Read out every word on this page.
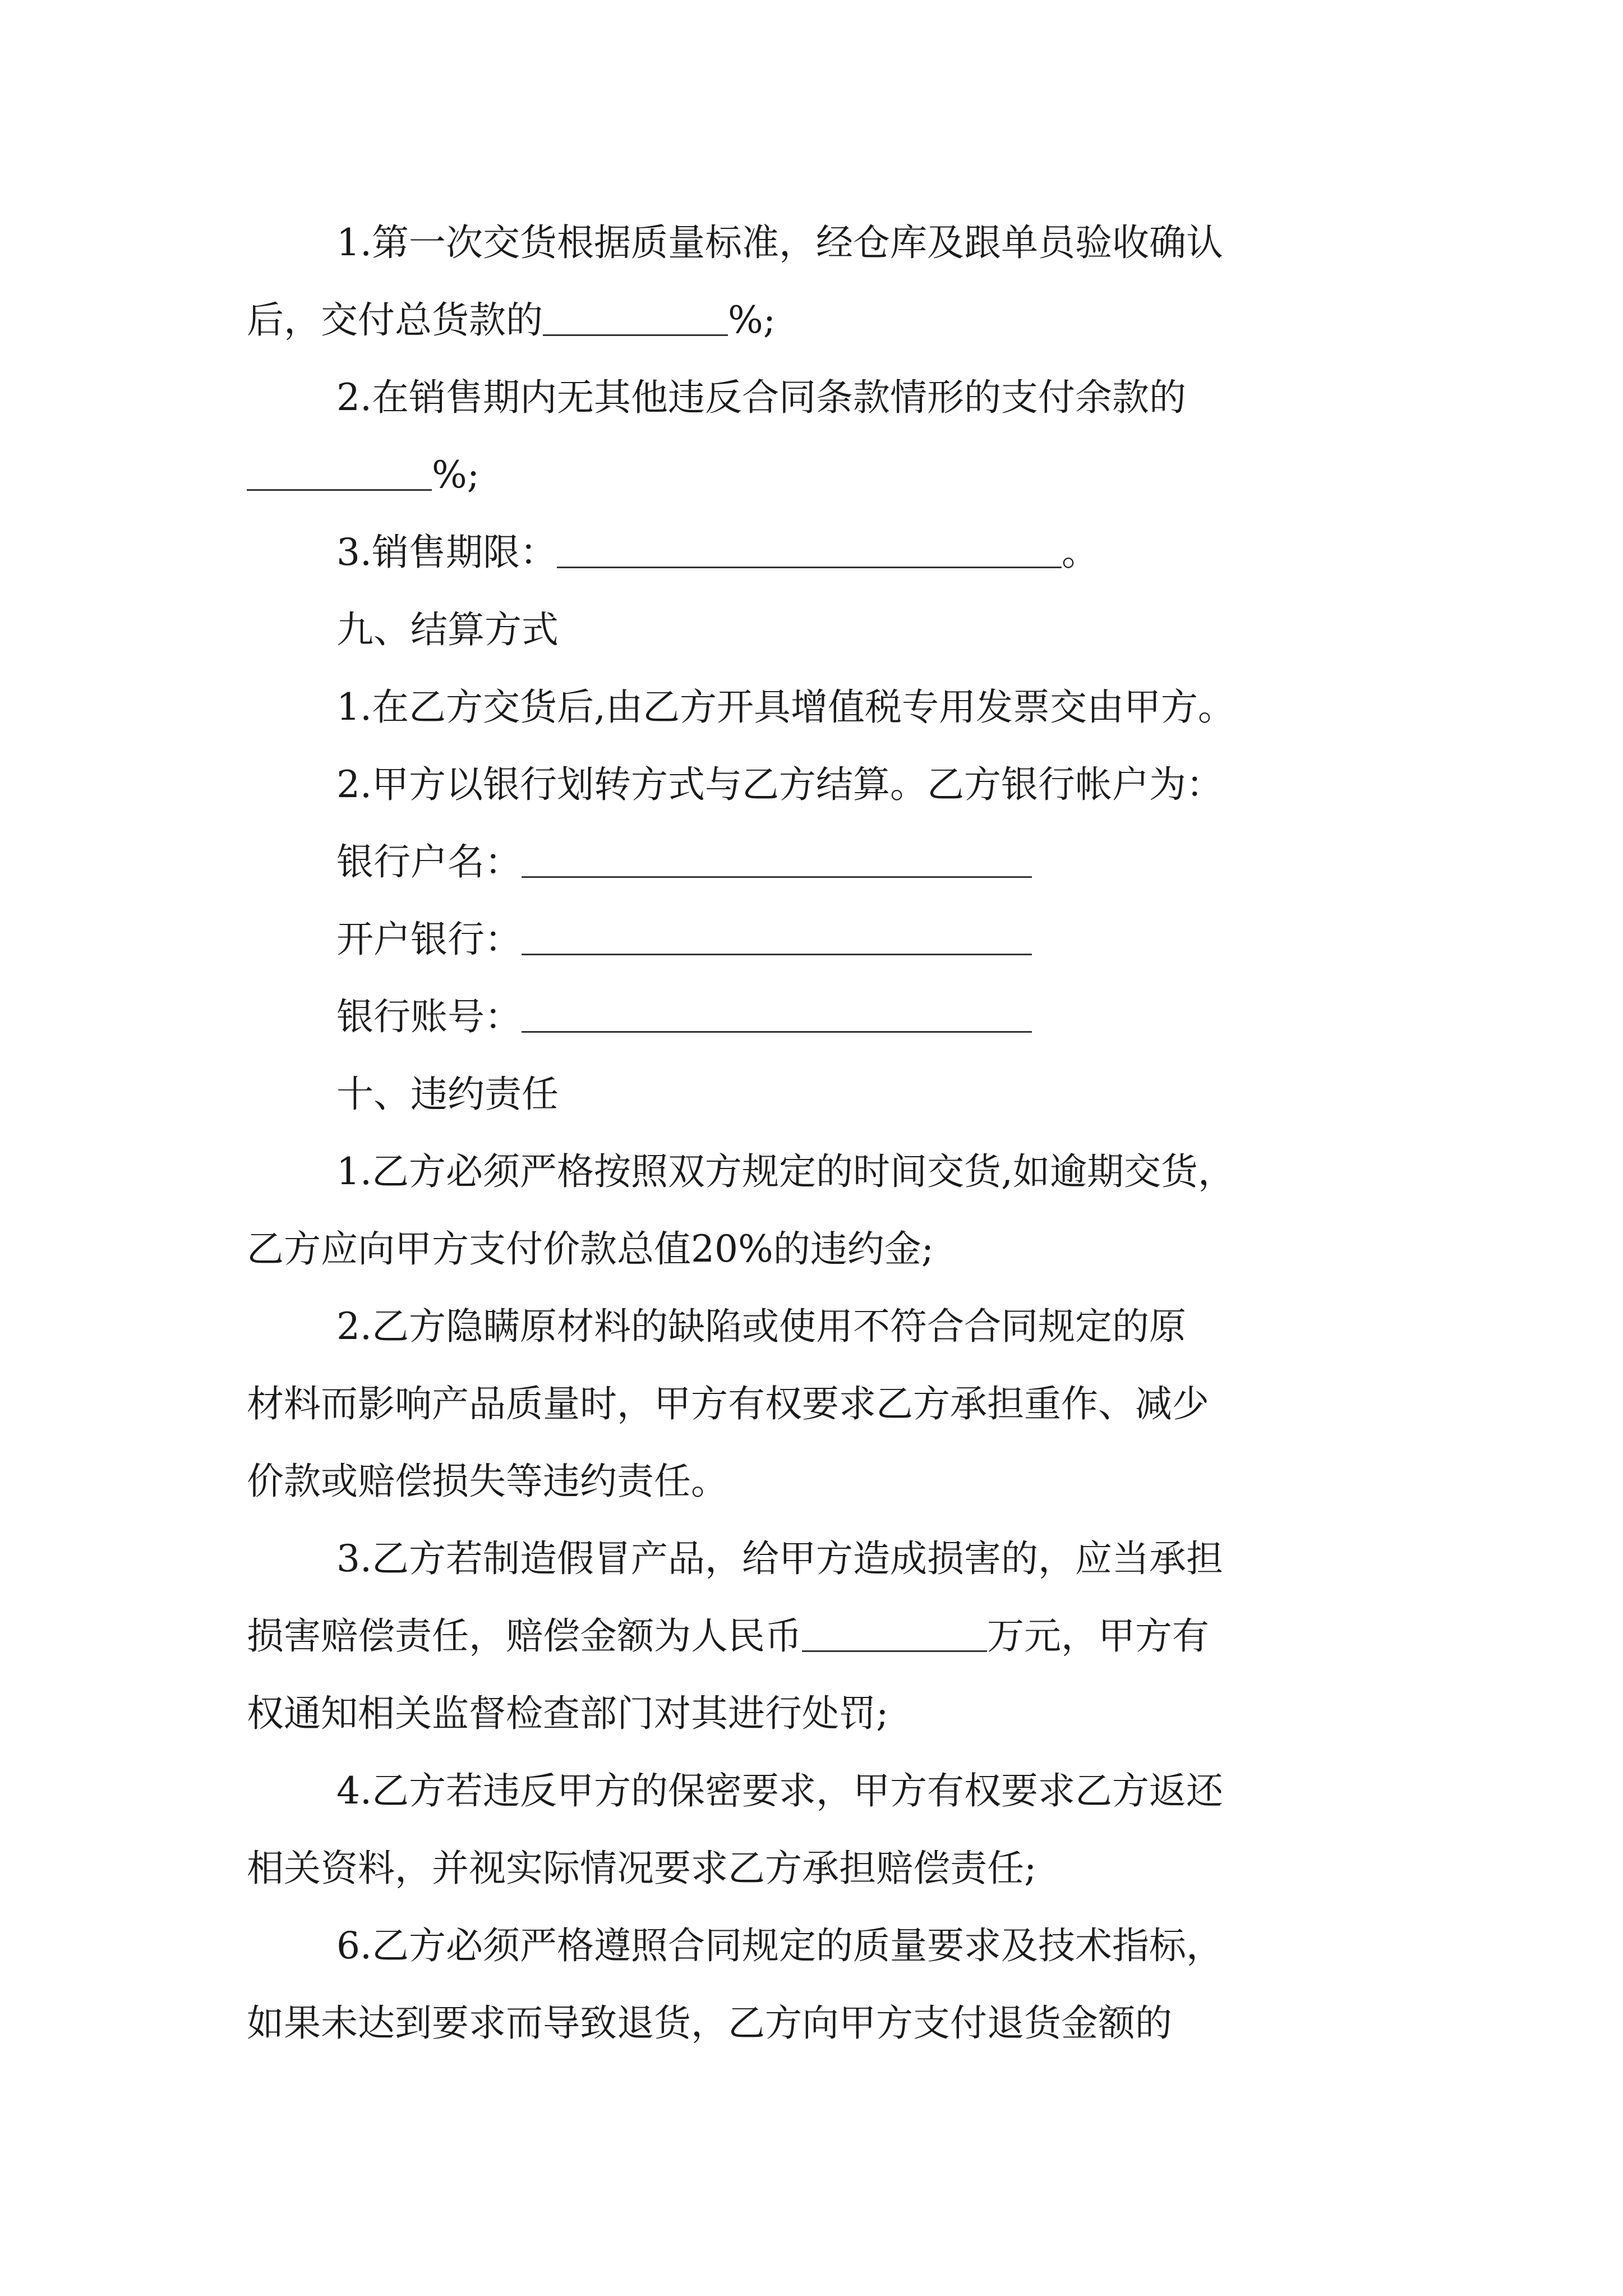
1.第一次交货根据质量标准，经仓库及跟单员验收确认
后，交付总货款的	%;
2.在销售期内无其他违反合同条款情形的支付余款的
%;
3.销售期限：	。
九、结算方式
1.在乙方交货后,由乙方开具增值税专用发票交由甲方。
2.甲方以银行划转方式与乙方结算。乙方银行帐户为：
银行户名：
开户银行：
银行账号：
十、违约责任
1.乙方必须严格按照双方规定的时间交货,如逾期交货，
乙方应向甲方支付价款总值20%的违约金;
2.乙方隐瞒原材料的缺陷或使用不符合合同规定的原
材料而影响产品质量时，甲方有权要求乙方承担重作、减少
价款或赔偿损失等违约责任。
3.乙方若制造假冒产品，给甲方造成损害的，应当承担
损害赔偿责任，赔偿金额为人民币	万元，甲方有
权通知相关监督检查部门对其进行处罚;
4.乙方若违反甲方的保密要求，甲方有权要求乙方返还
相关资料，并视实际情况要求乙方承担赔偿责任;
6.乙方必须严格遵照合同规定的质量要求及技术指标，
如果未达到要求而导致退货，乙方向甲方支付退货金额的
